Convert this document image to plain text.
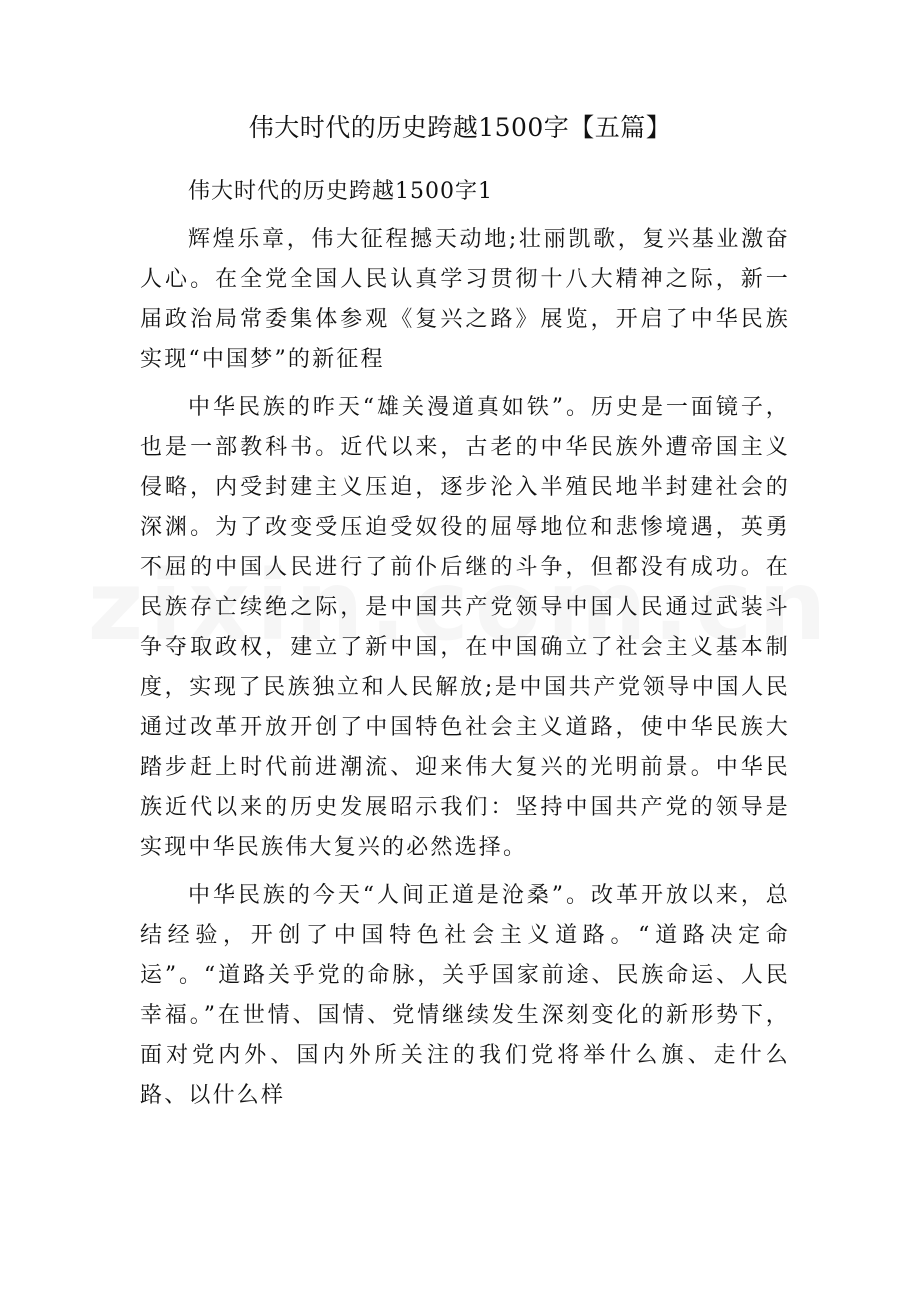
伟大时代的历史跨越1500字【五篇】
伟大时代的历史跨越1500字1

辉煌乐章，伟大征程撼天动地;壮丽凯歌，复兴基业激奋人心。在全党全国人民认真学习贯彻十八大精神之际，新一届政治局常委集体参观《复兴之路》展览，开启了中华民族实现“中国梦”的新征程

中华民族的昨天“雄关漫道真如铁”。历史是一面镜子，也是一部教科书。近代以来，古老的中华民族外遭帝国主义侵略，内受封建主义压迫，逐步沦入半殖民地半封建社会的深渊。为了改变受压迫受奴役的屈辱地位和悲惨境遇，英勇不屈的中国人民进行了前仆后继的斗争，但都没有成功。在民族存亡续绝之际，是中国共产党领导中国人民通过武装斗争夺取政权，建立了新中国，在中国确立了社会主义基本制度，实现了民族独立和人民解放;是中国共产党领导中国人民通过改革开放开创了中国特色社会主义道路，使中华民族大踏步赶上时代前进潮流、迎来伟大复兴的光明前景。中华民族近代以来的历史发展昭示我们：坚持中国共产党的领导是实现中华民族伟大复兴的必然选择。

中华民族的今天“人间正道是沧桑”。改革开放以来，总结经验，开创了中国特色社会主义道路。“道路决定命运”。“道路关乎党的命脉，关乎国家前途、民族命运、人民幸福。”在世情、国情、党情继续发生深刻变化的新形势下，面对党内外、国内外所关注的我们党将举什么旗、走什么路、以什么样
